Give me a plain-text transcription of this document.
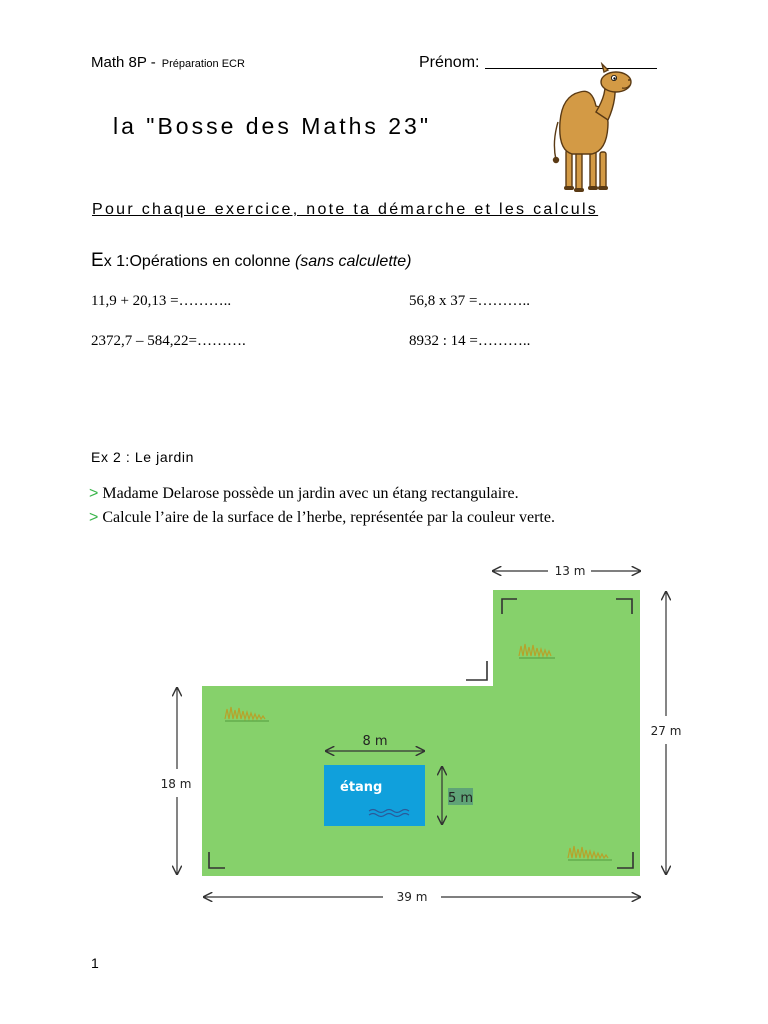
Math 8P - Préparation ECR	Prénom:
la "Bosse des Maths 23"
Pour chaque exercice, note ta démarche et les calculs
Ex 1:Opérations en colonne (sans calculette)
11,9 + 20,13 =………..	56,8 x 37 =………..
2372,7 – 584,22=……….	8932 : 14 =………..
Ex 2 : Le jardin
> Madame Delarose possède un jardin avec un étang rectangulaire.
> Calcule l’aire de la surface de l’herbe, représentée par la couleur verte.
étang
8 m
5 m
13 m
27 m
18 m
39 m
1
